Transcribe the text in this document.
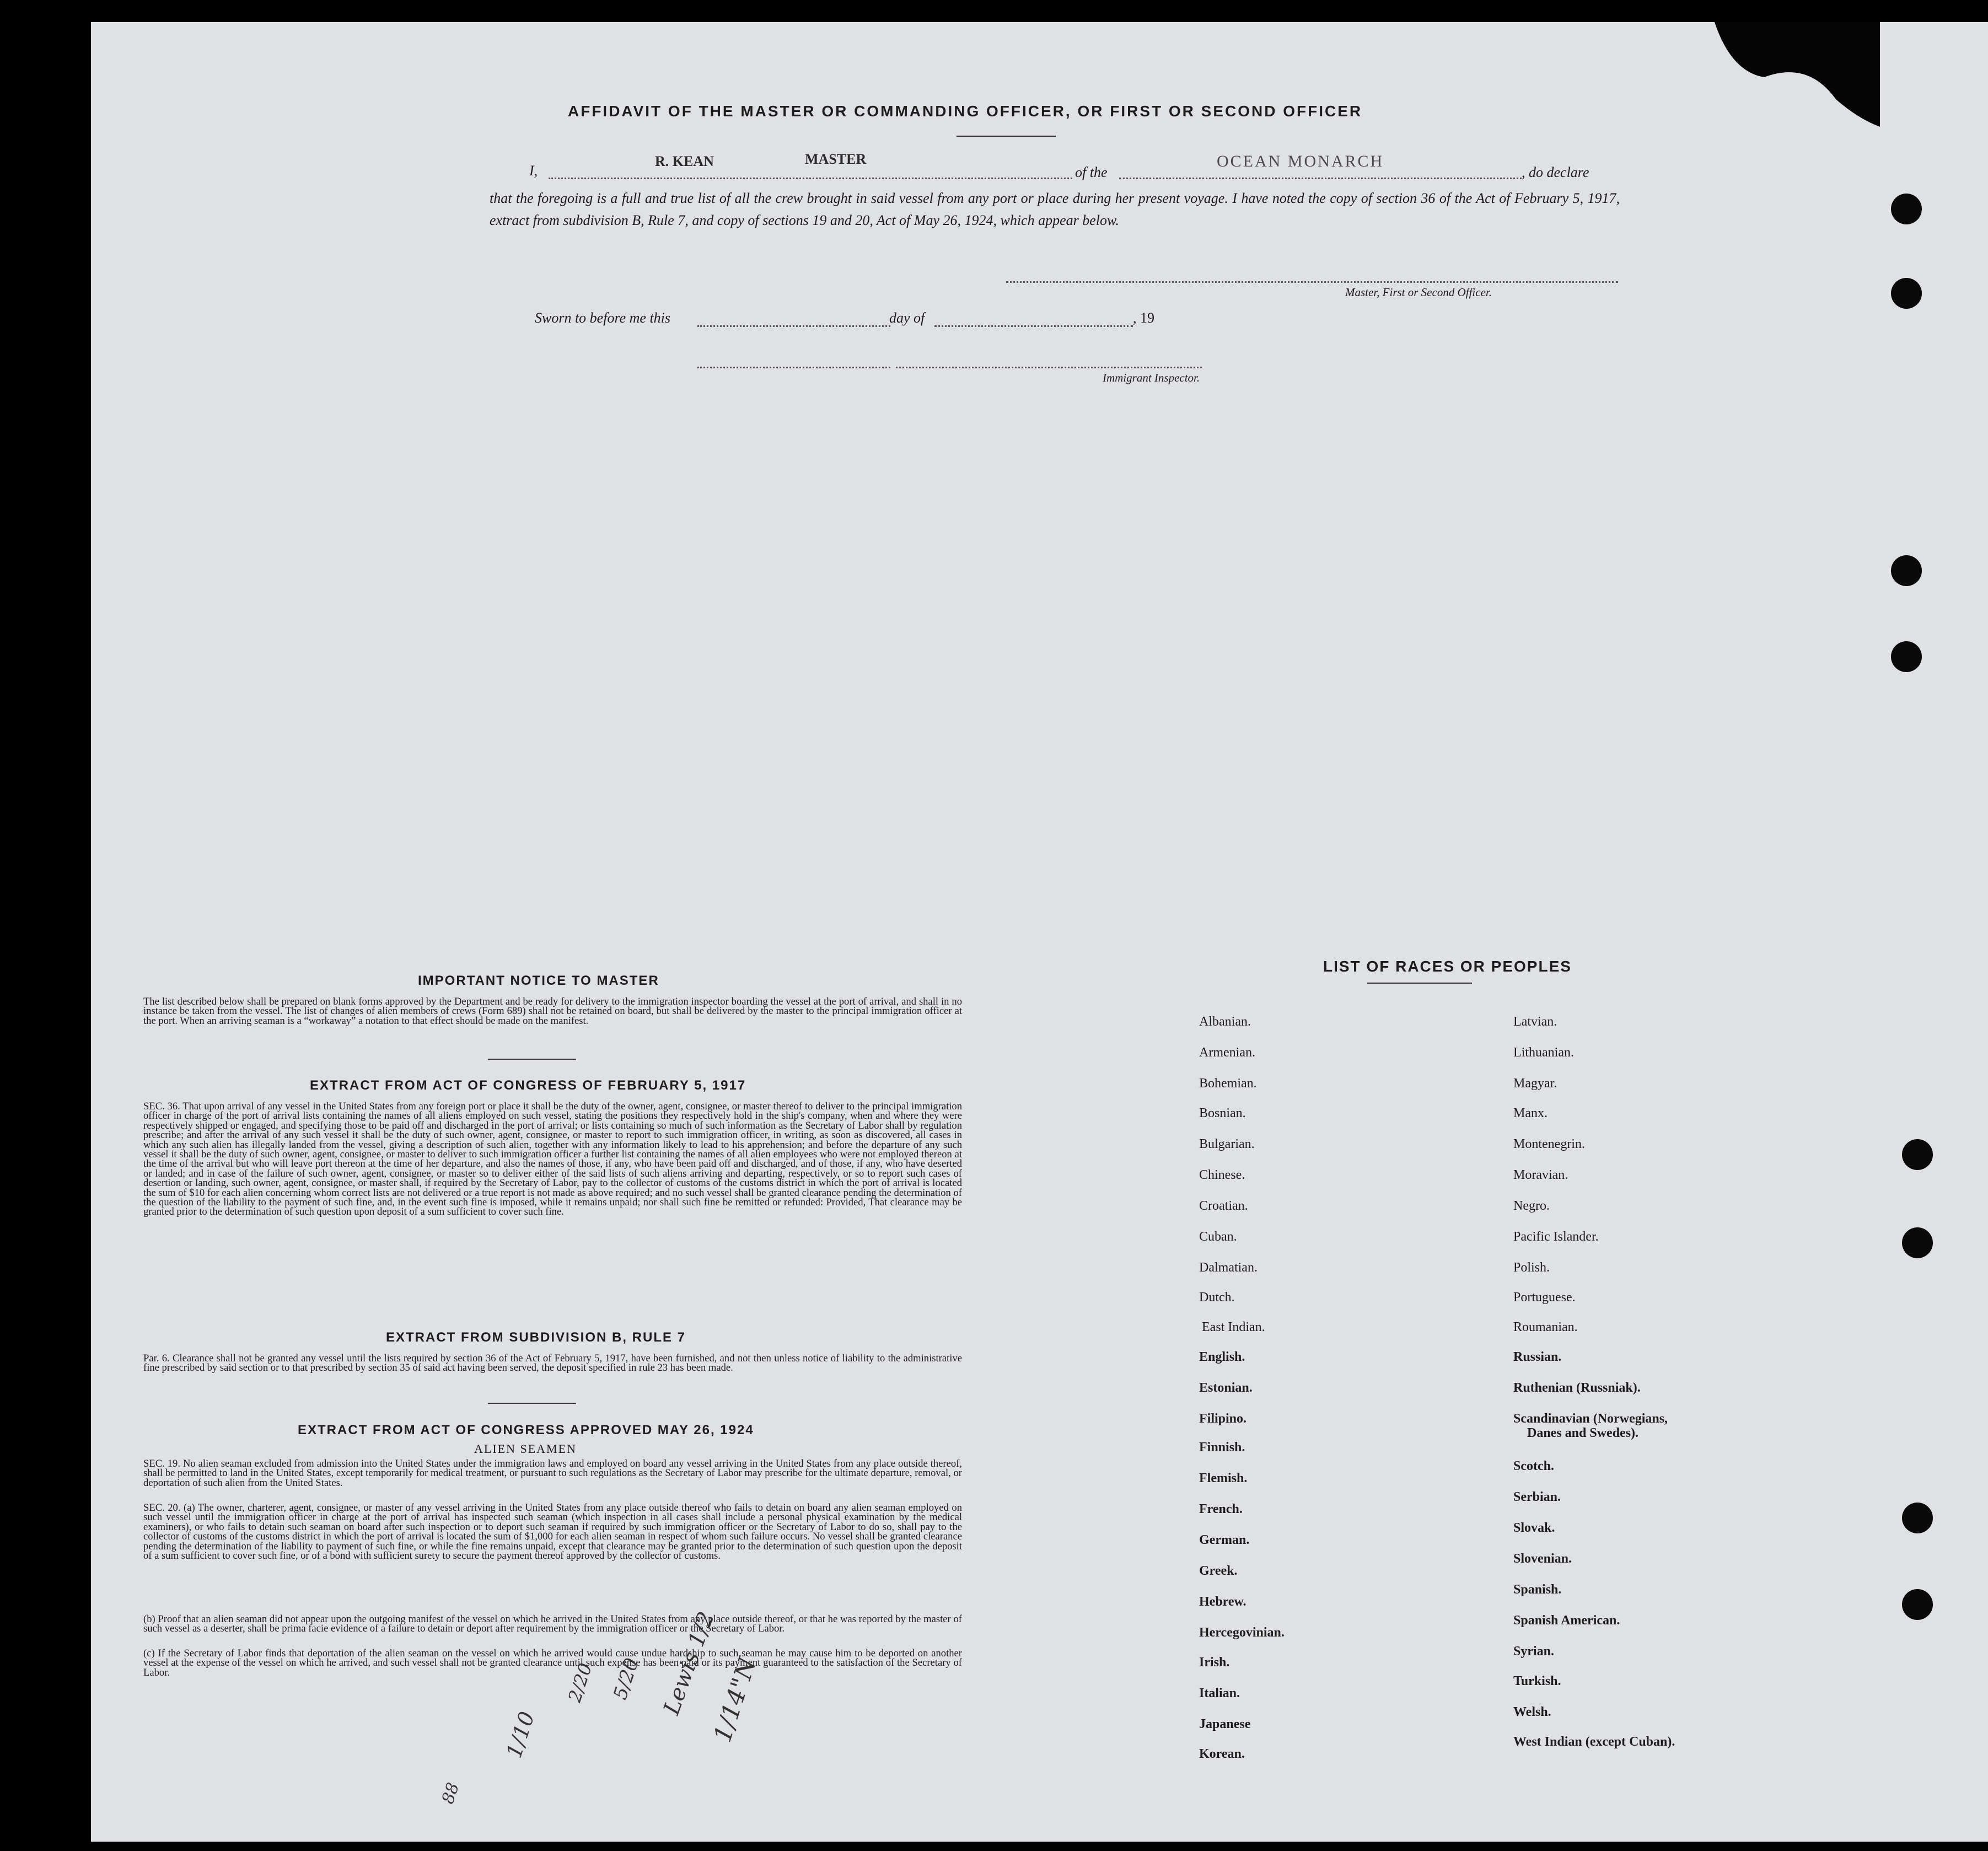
AFFIDAVIT OF THE MASTER OR COMMANDING OFFICER, OR FIRST OR SECOND OFFICER
I,
R. KEAN	MASTER
of the
OCEAN MONARCH
, do declare
that the foregoing is a full and true list of all the crew brought in said vessel from any port or place during her present voyage. I have noted the copy of section 36 of the Act of February 5, 1917, extract from subdivision B, Rule 7, and copy of sections 19 and 20, Act of May 26, 1924, which appear below.
Master, First or Second Officer.
Sworn to before me this	day of	, 19
Immigrant Inspector.
IMPORTANT NOTICE TO MASTER
The list described below shall be prepared on blank forms approved by the Department and be ready for delivery to the immigration inspector boarding the vessel at the port of arrival, and shall in no instance be taken from the vessel. The list of changes of alien members of crews (Form 689) shall not be retained on board, but shall be delivered by the master to the principal immigration officer at the port. When an arriving seaman is a “workaway” a notation to that effect should be made on the manifest.
EXTRACT FROM ACT OF CONGRESS OF FEBRUARY 5, 1917
SEC. 36. That upon arrival of any vessel in the United States from any foreign port or place it shall be the duty of the owner, agent, consignee, or master thereof to deliver to the principal immigration officer in charge of the port of arrival lists containing the names of all aliens employed on such vessel, stating the positions they respectively hold in the ship's company, when and where they were respectively shipped or engaged, and specifying those to be paid off and discharged in the port of arrival; or lists containing so much of such information as the Secretary of Labor shall by regulation prescribe; and after the arrival of any such vessel it shall be the duty of such owner, agent, consignee, or master to report to such immigration officer, in writing, as soon as discovered, all cases in which any such alien has illegally landed from the vessel, giving a description of such alien, together with any information likely to lead to his apprehension; and before the departure of any such vessel it shall be the duty of such owner, agent, consignee, or master to deliver to such immigration officer a further list containing the names of all alien employees who were not employed thereon at the time of the arrival but who will leave port thereon at the time of her departure, and also the names of those, if any, who have been paid off and discharged, and of those, if any, who have deserted or landed; and in case of the failure of such owner, agent, consignee, or master so to deliver either of the said lists of such aliens arriving and departing, respectively, or so to report such cases of desertion or landing, such owner, agent, consignee, or master shall, if required by the Secretary of Labor, pay to the collector of customs of the customs district in which the port of arrival is located the sum of $10 for each alien concerning whom correct lists are not delivered or a true report is not made as above required; and no such vessel shall be granted clearance pending the determination of the question of the liability to the payment of such fine, and, in the event such fine is imposed, while it remains unpaid; nor shall such fine be remitted or refunded: Provided, That clearance may be granted prior to the determination of such question upon deposit of a sum sufficient to cover such fine.
EXTRACT FROM SUBDIVISION B, RULE 7
Par. 6. Clearance shall not be granted any vessel until the lists required by section 36 of the Act of February 5, 1917, have been furnished, and not then unless notice of liability to the administrative fine prescribed by said section or to that prescribed by section 35 of said act having been served, the deposit specified in rule 23 has been made.
EXTRACT FROM ACT OF CONGRESS APPROVED MAY 26, 1924
ALIEN SEAMEN
SEC. 19. No alien seaman excluded from admission into the United States under the immigration laws and employed on board any vessel arriving in the United States from any place outside thereof, shall be permitted to land in the United States, except temporarily for medical treatment, or pursuant to such regulations as the Secretary of Labor may prescribe for the ultimate departure, removal, or deportation of such alien from the United States.
SEC. 20. (a) The owner, charterer, agent, consignee, or master of any vessel arriving in the United States from any place outside thereof who fails to detain on board any alien seaman employed on such vessel until the immigration officer in charge at the port of arrival has inspected such seaman (which inspection in all cases shall include a personal physical examination by the medical examiners), or who fails to detain such seaman on board after such inspection or to deport such seaman if required by such immigration officer or the Secretary of Labor to do so, shall pay to the collector of customs of the customs district in which the port of arrival is located the sum of $1,000 for each alien seaman in respect of whom such failure occurs. No vessel shall be granted clearance pending the determination of the liability to payment of such fine, or while the fine remains unpaid, except that clearance may be granted prior to the determination of such question upon the deposit of a sum sufficient to cover such fine, or of a bond with sufficient surety to secure the payment thereof approved by the collector of customs.
(b) Proof that an alien seaman did not appear upon the outgoing manifest of the vessel on which he arrived in the United States from any place outside thereof, or that he was reported by the master of such vessel as a deserter, shall be prima facie evidence of a failure to detain or deport after requirement by the immigration officer or the Secretary of Labor.
(c) If the Secretary of Labor finds that deportation of the alien seaman on the vessel on which he arrived would cause undue hardship to such seaman he may cause him to be deported on another vessel at the expense of the vessel on which he arrived, and such vessel shall not be granted clearance until such expense has been paid or its payment guaranteed to the satisfaction of the Secretary of Labor.
LIST OF RACES OR PEOPLES
Albanian.
Armenian.
Bohemian.
Bosnian.
Bulgarian.
Chinese.
Croatian.
Cuban.
Dalmatian.
Dutch.
East Indian.
English.
Estonian.
Filipino.
Finnish.
Flemish.
French.
German.
Greek.
Hebrew.
Hercegovinian.
Irish.
Italian.
Japanese
Korean.
Latvian.
Lithuanian.
Magyar.
Manx.
Montenegrin.
Moravian.
Negro.
Pacific Islander.
Polish.
Portuguese.
Roumanian.
Russian.
Ruthenian (Russniak).
Scandinavian (Norwegians,
Danes and Swedes).
Scotch.
Serbian.
Slovak.
Slovenian.
Spanish.
Spanish American.
Syrian.
Turkish.
Welsh.
West Indian (except Cuban).
1/14"N
Lewis 1/2
5/20
2/20
1/10
88
